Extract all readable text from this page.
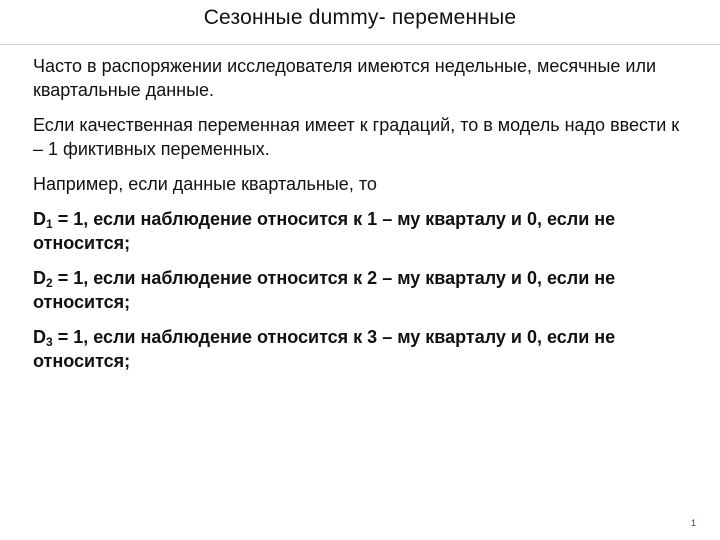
Сезонные dummy- переменные

Часто в распоряжении исследователя имеются недельные, месячные или квартальные данные.

Если качественная переменная имеет к градаций, то в модель надо ввести к – 1 фиктивных переменных.

Например, если данные квартальные, то

$D_1 = 1$, если наблюдение относится к 1 – му кварталу и 0, если не относится;

$D_2 = 1$, если наблюдение относится к 2 – му кварталу и 0, если не относится;

$D_3 = 1$, если наблюдение относится к 3 – му кварталу и 0, если не относится;

1
